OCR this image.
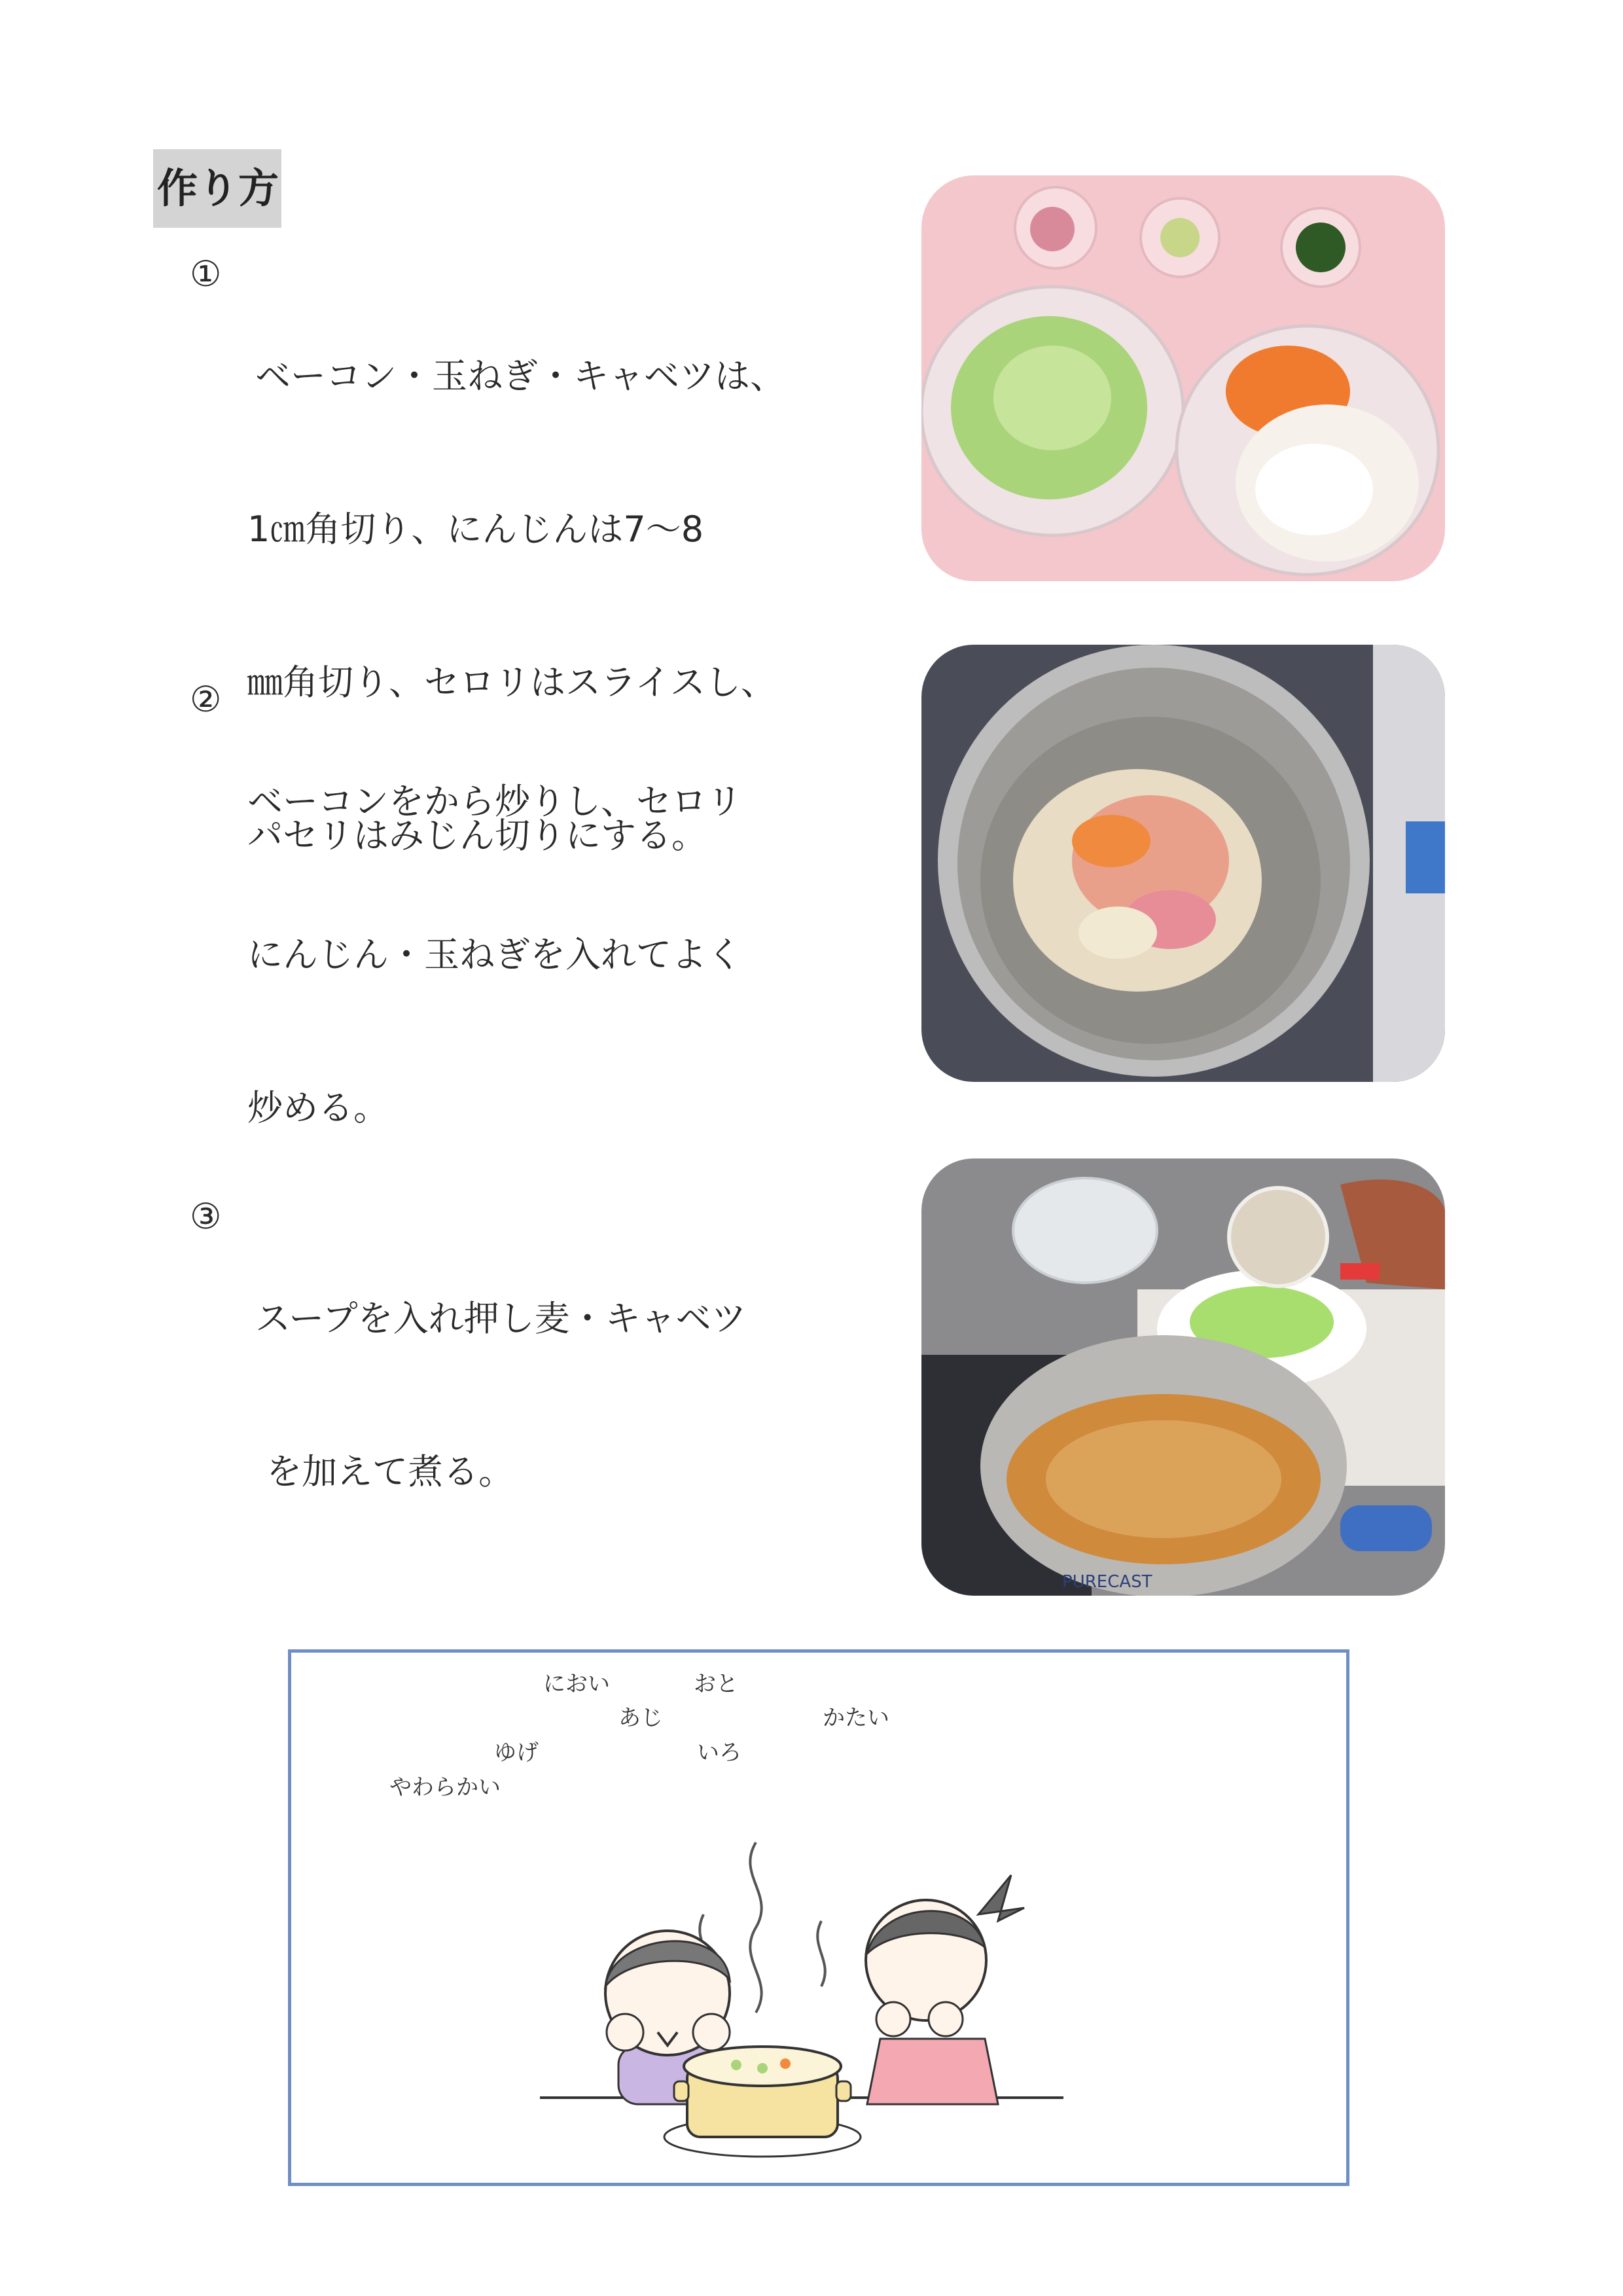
作り方
①

ベーコン・玉ねぎ・キャベツは、

1㎝角切り、にんじんは7～8

㎜角切り、セロリはスライスし、

パセリはみじん切りにする。

②

ベーコンをから炒りし、セロリ

にんじん・玉ねぎを入れてよく

炒める。

③

スープを入れ押し麦・キャベツ

を加えて煮る。

PURECAST
におい	おと
あじ	かたい
ゆげ	いろ
やわらかい
